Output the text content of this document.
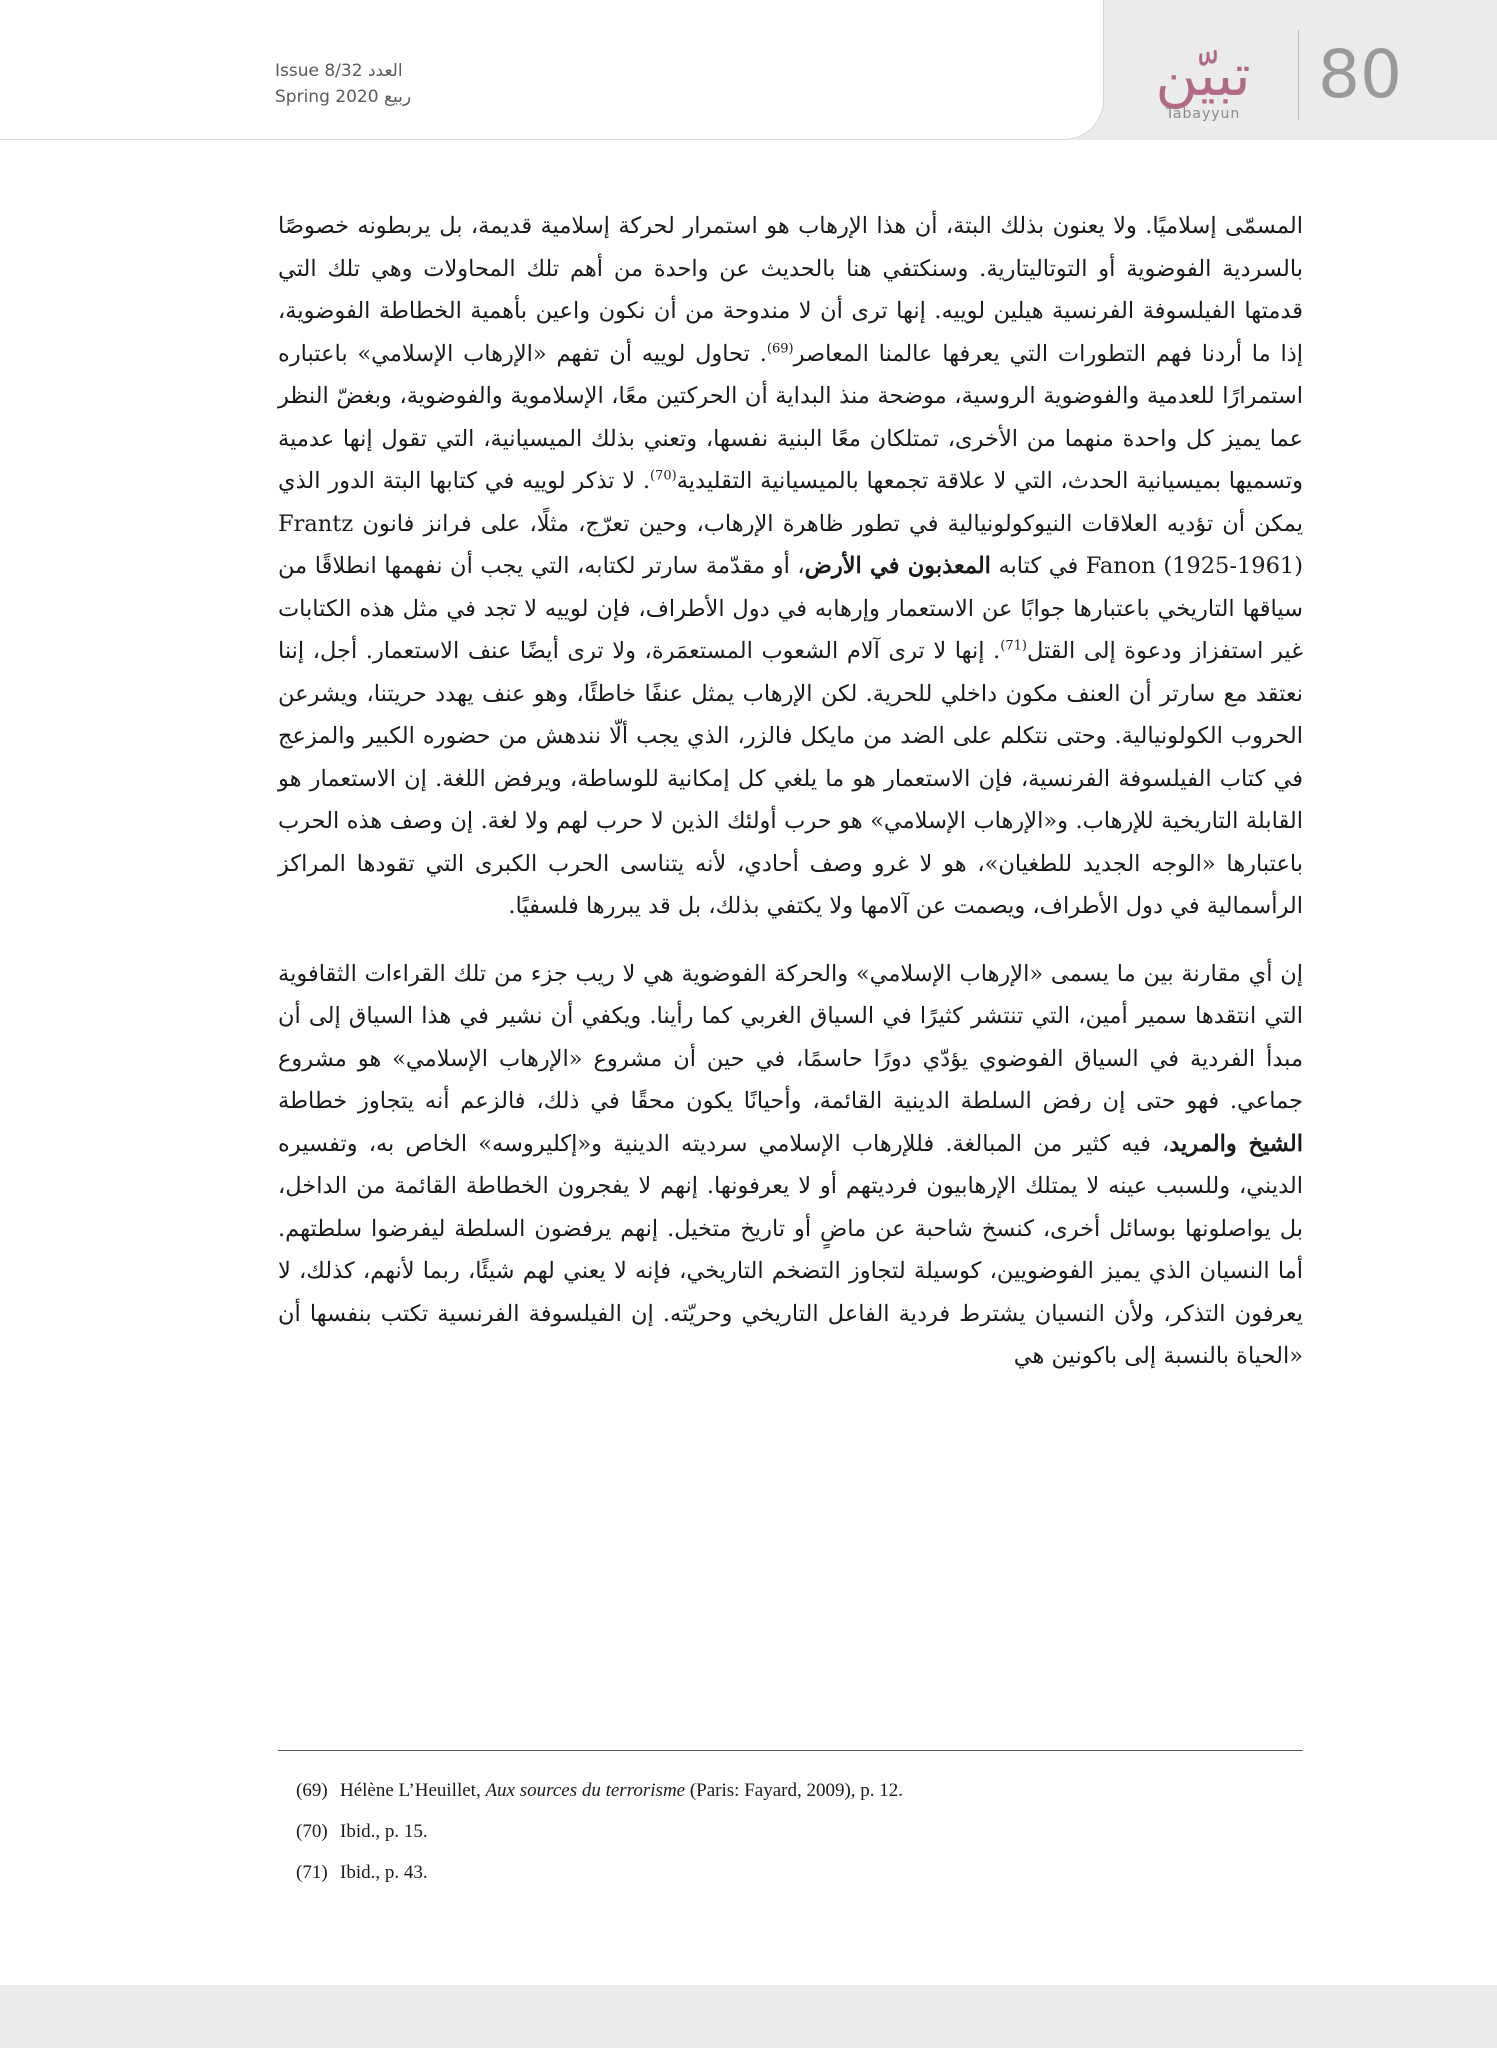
Issue 8/32 العدد
Spring 2020 ربيع	تبيّن
Tabayyun
80

المسمّى إسلاميًا. ولا يعنون بذلك البتة، أن هذا الإرهاب هو استمرار لحركة إسلامية قديمة، بل يربطونه خصوصًا بالسردية الفوضوية أو التوتاليتارية. وسنكتفي هنا بالحديث عن واحدة من أهم تلك المحاولات وهي تلك التي قدمتها الفيلسوفة الفرنسية هيلين لوييه. إنها ترى أن لا مندوحة من أن نكون واعين بأهمية الخطاطة الفوضوية، إذا ما أردنا فهم التطورات التي يعرفها عالمنا المعاصر$^{(69)}$. تحاول لوييه أن تفهم «الإرهاب الإسلامي» باعتباره استمرارًا للعدمية والفوضوية الروسية، موضحة منذ البداية أن الحركتين معًا، الإسلاموية والفوضوية، وبغضّ النظر عما يميز كل واحدة منهما من الأخرى، تمتلكان معًا البنية نفسها، وتعني بذلك الميسيانية، التي تقول إنها عدمية وتسميها بميسيانية الحدث، التي لا علاقة تجمعها بالميسيانية التقليدية$^{(70)}$. لا تذكر لوييه في كتابها البتة الدور الذي يمكن أن تؤديه العلاقات النيوكولونيالية في تطور ظاهرة الإرهاب، وحين تعرّج، مثلًا، على فرانز فانون Frantz Fanon (1925-1961) في كتابه المعذبون في الأرض، أو مقدّمة سارتر لكتابه، التي يجب أن نفهمها انطلاقًا من سياقها التاريخي باعتبارها جوابًا عن الاستعمار وإرهابه في دول الأطراف، فإن لوييه لا تجد في مثل هذه الكتابات غير استفزاز ودعوة إلى القتل$^{(71)}$. إنها لا ترى آلام الشعوب المستعمَرة، ولا ترى أيضًا عنف الاستعمار. أجل، إننا نعتقد مع سارتر أن العنف مكون داخلي للحرية. لكن الإرهاب يمثل عنفًا خاطئًا، وهو عنف يهدد حريتنا، ويشرعن الحروب الكولونيالية. وحتى نتكلم على الضد من مايكل فالزر، الذي يجب ألّا نندهش من حضوره الكبير والمزعج في كتاب الفيلسوفة الفرنسية، فإن الاستعمار هو ما يلغي كل إمكانية للوساطة، ويرفض اللغة. إن الاستعمار هو القابلة التاريخية للإرهاب. و«الإرهاب الإسلامي» هو حرب أولئك الذين لا حرب لهم ولا لغة. إن وصف هذه الحرب باعتبارها «الوجه الجديد للطغيان»، هو لا غرو وصف أحادي، لأنه يتناسى الحرب الكبرى التي تقودها المراكز الرأسمالية في دول الأطراف، ويصمت عن آلامها ولا يكتفي بذلك، بل قد يبررها فلسفيًا.

إن أي مقارنة بين ما يسمى «الإرهاب الإسلامي» والحركة الفوضوية هي لا ريب جزء من تلك القراءات الثقافوية التي انتقدها سمير أمين، التي تنتشر كثيرًا في السياق الغربي كما رأينا. ويكفي أن نشير في هذا السياق إلى أن مبدأ الفردية في السياق الفوضوي يؤدّي دورًا حاسمًا، في حين أن مشروع «الإرهاب الإسلامي» هو مشروع جماعي. فهو حتى إن رفض السلطة الدينية القائمة، وأحيانًا يكون محقًا في ذلك، فالزعم أنه يتجاوز خطاطة الشيخ والمريد، فيه كثير من المبالغة. فللإرهاب الإسلامي سرديته الدينية و«إكليروسه» الخاص به، وتفسيره الديني، وللسبب عينه لا يمتلك الإرهابيون فرديتهم أو لا يعرفونها. إنهم لا يفجرون الخطاطة القائمة من الداخل، بل يواصلونها بوسائل أخرى، كنسخ شاحبة عن ماضٍ أو تاريخ متخيل. إنهم يرفضون السلطة ليفرضوا سلطتهم. أما النسيان الذي يميز الفوضويين، كوسيلة لتجاوز التضخم التاريخي، فإنه لا يعني لهم شيئًا، ربما لأنهم، كذلك، لا يعرفون التذكر، ولأن النسيان يشترط فردية الفاعل التاريخي وحريّته. إن الفيلسوفة الفرنسية تكتب بنفسها أن «الحياة بالنسبة إلى باكونين هي

(69) Hélène L’Heuillet, Aux sources du terrorisme (Paris: Fayard, 2009), p. 12.
(70) Ibid., p. 15.
(71) Ibid., p. 43.
